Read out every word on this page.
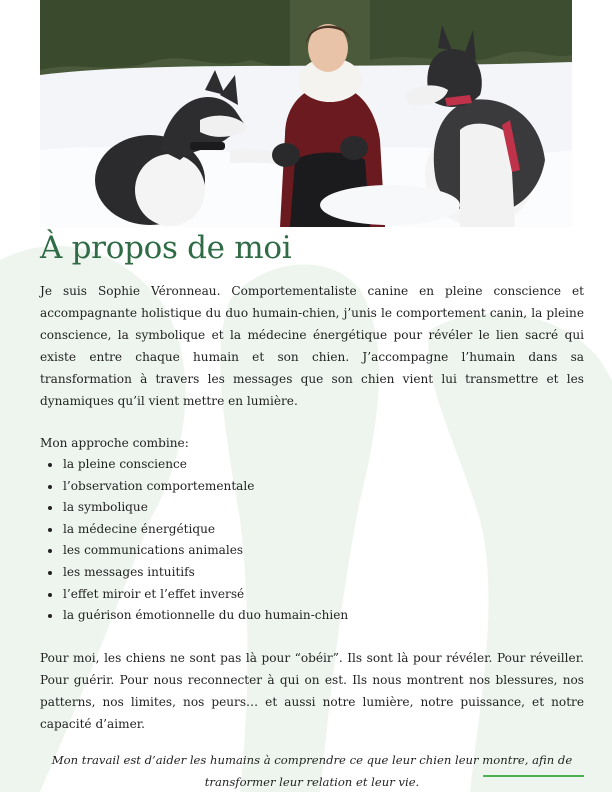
À propos de moi

Je suis Sophie Véronneau. Comportementaliste canine en pleine conscience et accompagnante holistique du duo humain-chien, j’unis le comportement canin, la pleine conscience, la symbolique et la médecine énergétique pour révéler le lien sacré qui existe entre chaque humain et son chien. J’accompagne l’humain dans sa transformation à travers les messages que son chien vient lui transmettre et les dynamiques qu’il vient mettre en lumière.

Mon approche combine:

• la pleine conscience
• l’observation comportementale
• la symbolique
• la médecine énergétique
• les communications animales
• les messages intuitifs
• l’effet miroir et l’effet inversé
• la guérison émotionnelle du duo humain-chien

Pour moi, les chiens ne sont pas là pour “obéir”. Ils sont là pour révéler. Pour réveiller. Pour guérir. Pour nous reconnecter à qui on est. Ils nous montrent nos blessures, nos patterns, nos limites, nos peurs… et aussi notre lumière, notre puissance, et notre capacité d’aimer.

Mon travail est d’aider les humains à comprendre ce que leur chien leur montre, afin de transformer leur relation et leur vie.
